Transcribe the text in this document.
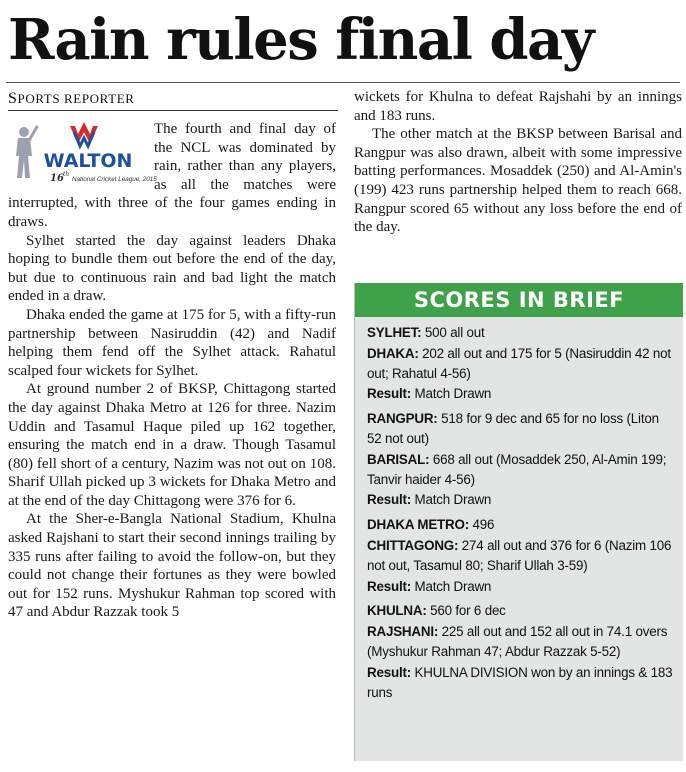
Rain rules final day
SPORTS REPORTER
WALTON
16 th
National Cricket League, 2015

The fourth and final day of the NCL was dominated by rain, rather than any players, as all the matches were interrupted, with three of the four games ending in draws.

Sylhet started the day against leaders Dhaka hoping to bundle them out before the end of the day, but due to continuous rain and bad light the match ended in a draw.

Dhaka ended the game at 175 for 5, with a fifty-run partnership between Nasiruddin (42) and Nadif helping them fend off the Sylhet attack. Rahatul scalped four wickets for Sylhet.

At ground number 2 of BKSP, Chittagong started the day against Dhaka Metro at 126 for three. Nazim Uddin and Tasamul Haque piled up 162 together, ensuring the match end in a draw. Though Tasamul (80) fell short of a century, Nazim was not out on 108. Sharif Ullah picked up 3 wickets for Dhaka Metro and at the end of the day Chittagong were 376 for 6.

At the Sher-e-Bangla National Stadium, Khulna asked Rajshani to start their second innings trailing by 335 runs after failing to avoid the follow-on, but they could not change their fortunes as they were bowled out for 152 runs. Myshukur Rahman top scored with 47 and Abdur Razzak took 5

wickets for Khulna to defeat Rajshahi by an innings and 183 runs.

The other match at the BKSP between Barisal and Rangpur was also drawn, albeit with some impressive batting performances. Mosaddek (250) and Al-Amin's (199) 423 runs partnership helped them to reach 668. Rangpur scored 65 without any loss before the end of the day.

SCORES IN BRIEF
SYLHET: 500 all out
DHAKA: 202 all out and 175 for 5 (Nasiruddin 42 not out; Rahatul 4-56)
Result: Match Drawn
RANGPUR: 518 for 9 dec and 65 for no loss (Liton 52 not out)
BARISAL: 668 all out (Mosaddek 250, Al-Amin 199; Tanvir haider 4-56)
Result: Match Drawn
DHAKA METRO: 496
CHITTAGONG: 274 all out and 376 for 6 (Nazim 106 not out, Tasamul 80; Sharif Ullah 3-59)
Result: Match Drawn
KHULNA: 560 for 6 dec
RAJSHANI: 225 all out and 152 all out in 74.1 overs (Myshukur Rahman 47; Abdur Razzak 5-52)
Result: KHULNA DIVISION won by an innings & 183 runs
